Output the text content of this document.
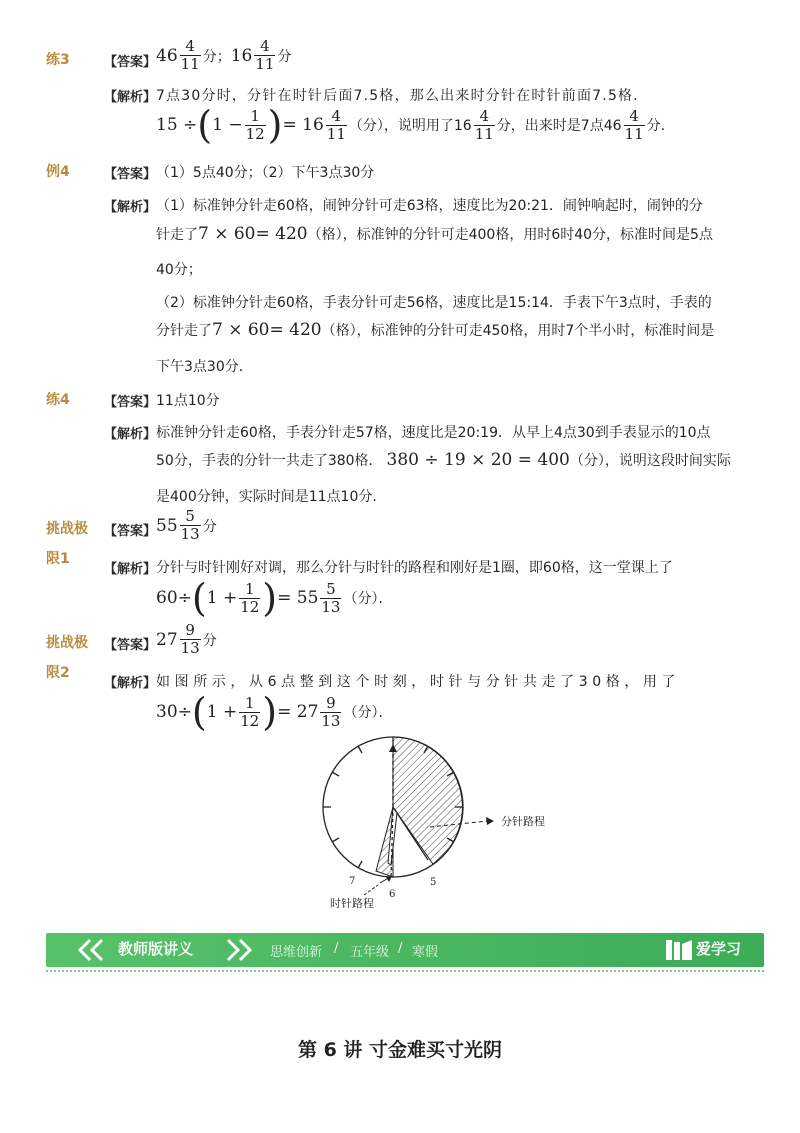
练3	【答案】 $46 \frac{4}{11}$ 分； $16 \frac{4}{11}$ 分
【解析】 7点30分时，分针在时针后面7.5格，那么出来时分针在时针前面7.5格．
15 ÷ ( $1 - \frac{1}{12}$ ) = $16 \frac{4}{11}$ （分），说明用了$16 \frac{4}{11}$ 分，出来时是7点$46 \frac{4}{11}$ 分．
例4	【答案】 （1）5点40分；（2）下午3点30分
【解析】 （1）标准钟分针走60格，闹钟分针可走63格，速度比为20:21．闹钟响起时，闹钟的分
针走了 7 × 60= 420 （格），标准钟的分针可走400格，用时6时40分，标准时间是5点
40分；
（2）标准钟分针走60格，手表分针可走56格，速度比是15:14．手表下午3点时，手表的
分针走了 7 × 60= 420 （格），标准钟的分针可走450格，用时7个半小时，标准时间是
下午3点30分．
练4	【答案】 11点10分
【解析】 标准钟分针走60格，手表分针走57格，速度比是20:19．从早上4点30到手表显示的10点
50分，手表的分针一共走了380格． 380 ÷ 19 × 20 = 400 （分），说明这段时间实际
是400分钟，实际时间是11点10分．
挑战极
限1
【答案】 $55 \frac{5}{13}$ 分
【解析】 分针与时针刚好对调，那么分针与时针的路程和刚好是1圈，即60格，这一堂课上了
60÷ ( $1 + \frac{1}{12}$ ) = $55 \frac{5}{13}$ （分）．
挑战极
限2
【答案】 $27 \frac{9}{13}$ 分
【解析】 如图所示，从6点整到这个时刻，时针与分针共走了30格，用了
30÷ ( $1 + \frac{1}{12}$ ) = $27 \frac{9}{13}$ （分）．
分针路程
时针路程
5
6
7
教师版讲义	思维创新 / 五年级 / 寒假	爱学习
第 6 讲 寸金难买寸光阴
